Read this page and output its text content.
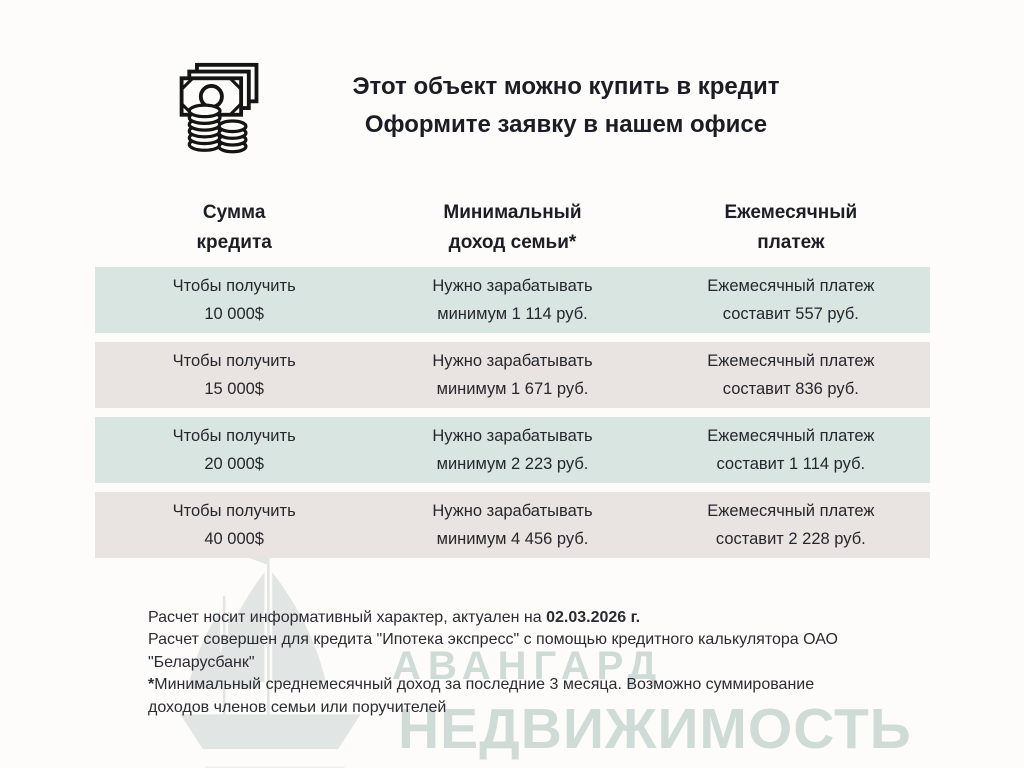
АВАНГАРД
НЕДВИЖИМОСТЬ
Этот объект можно купить в кредит
Оформите заявку в нашем офисе
Сумма
кредита
Минимальный
доход семьи*
Ежемесячный
платеж
Чтобы получить
10 000$
Нужно зарабатывать
минимум 1 114 руб.
Ежемесячный платеж
составит 557 руб.
Чтобы получить
15 000$
Нужно зарабатывать
минимум 1 671 руб.
Ежемесячный платеж
составит 836 руб.
Чтобы получить
20 000$
Нужно зарабатывать
минимум 2 223 руб.
Ежемесячный платеж
составит 1 114 руб.
Чтобы получить
40 000$
Нужно зарабатывать
минимум 4 456 руб.
Ежемесячный платеж
составит 2 228 руб.
Расчет носит информативный характер, актуален на 02.03.2026 г.
Расчет совершен для кредита "Ипотека экспресс" с помощью кредитного калькулятора ОАО
"Беларусбанк"
*Минимальный среднемесячный доход за последние 3 месяца. Возможно суммирование
доходов членов семьи или поручителей
